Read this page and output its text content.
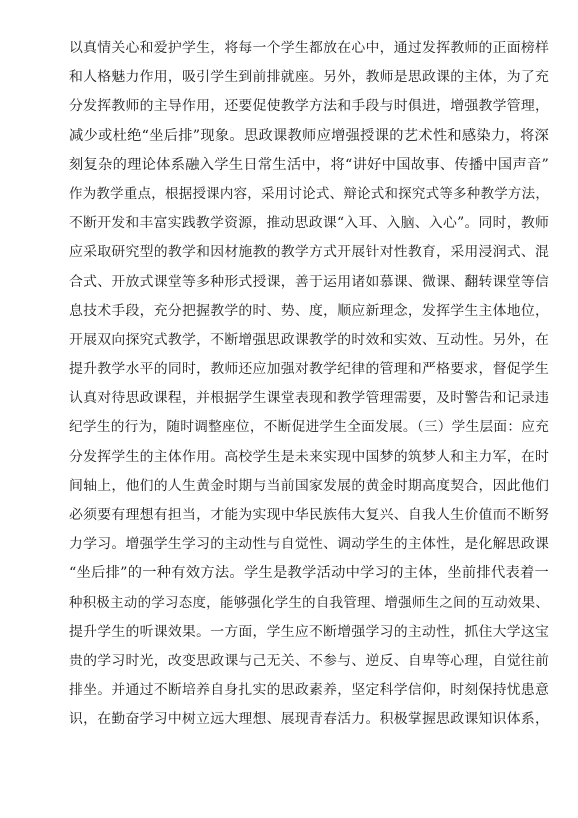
以真情关心和爱护学生，将每一个学生都放在心中，通过发挥教师的正面榜样
和人格魅力作用，吸引学生到前排就座。另外，教师是思政课的主体，为了充
分发挥教师的主导作用，还要促使教学方法和手段与时俱进，增强教学管理，
减少或杜绝“坐后排”现象。思政课教师应增强授课的艺术性和感染力，将深
刻复杂的理论体系融入学生日常生活中，将“讲好中国故事、传播中国声音”
作为教学重点，根据授课内容，采用讨论式、辩论式和探究式等多种教学方法，
不断开发和丰富实践教学资源，推动思政课“入耳、入脑、入心”。同时，教师
应采取研究型的教学和因材施教的教学方式开展针对性教育，采用浸润式、混
合式、开放式课堂等多种形式授课，善于运用诸如慕课、微课、翻转课堂等信
息技术手段，充分把握教学的时、势、度，顺应新理念，发挥学生主体地位，
开展双向探究式教学，不断增强思政课教学的时效和实效、互动性。另外，在
提升教学水平的同时，教师还应加强对教学纪律的管理和严格要求，督促学生
认真对待思政课程，并根据学生课堂表现和教学管理需要，及时警告和记录违
纪学生的行为，随时调整座位，不断促进学生全面发展。（三）学生层面：应充
分发挥学生的主体作用。高校学生是未来实现中国梦的筑梦人和主力军，在时
间轴上，他们的人生黄金时期与当前国家发展的黄金时期高度契合，因此他们
必须要有理想有担当，才能为实现中华民族伟大复兴、自我人生价值而不断努
力学习。增强学生学习的主动性与自觉性、调动学生的主体性，是化解思政课
“坐后排”的一种有效方法。学生是教学活动中学习的主体，坐前排代表着一
种积极主动的学习态度，能够强化学生的自我管理、增强师生之间的互动效果、
提升学生的听课效果。一方面，学生应不断增强学习的主动性，抓住大学这宝
贵的学习时光，改变思政课与己无关、不参与、逆反、自卑等心理，自觉往前
排坐。并通过不断培养自身扎实的思政素养，坚定科学信仰，时刻保持忧患意
识，在勤奋学习中树立远大理想、展现青春活力。积极掌握思政课知识体系，
